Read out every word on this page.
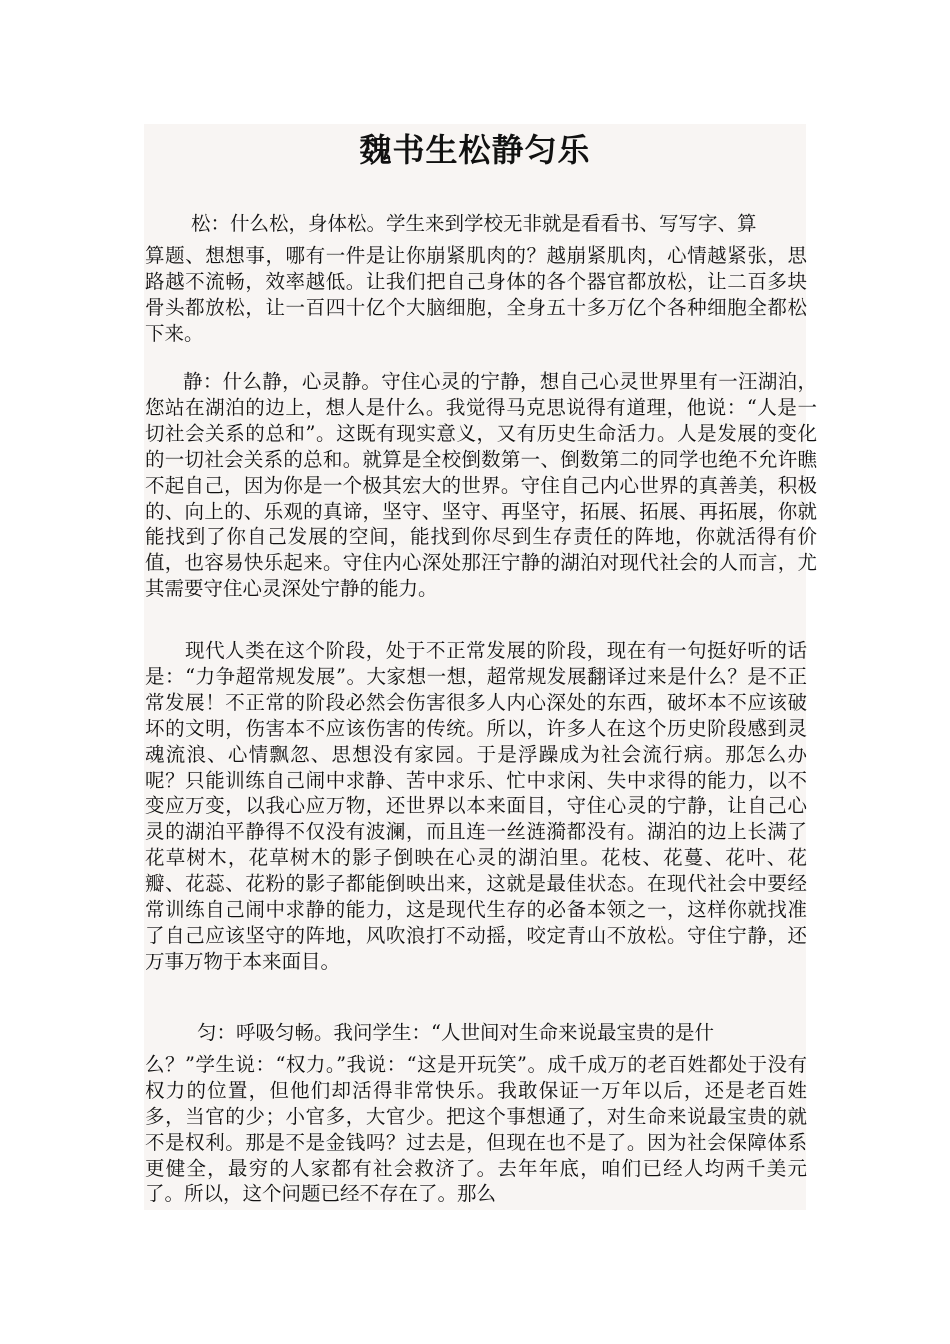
魏书生松静匀乐

松：什么松，身体松。学生来到学校无非就是看看书、写写字、算
算题、想想事，哪有一件是让你崩紧肌肉的？越崩紧肌肉，心情越紧张，思路越不流畅，效率越低。让我们把自己身体的各个器官都放松，让二百多块骨头都放松，让一百四十亿个大脑细胞，全身五十多万亿个各种细胞全都松下来。

静：什么静，心灵静。守住心灵的宁静，想自己心灵世界里有一汪湖泊，您站在湖泊的边上，想人是什么。我觉得马克思说得有道理，他说：“人是一切社会关系的总和”。这既有现实意义，又有历史生命活力。人是发展的变化的一切社会关系的总和。就算是全校倒数第一、倒数第二的同学也绝不允许瞧不起自己，因为你是一个极其宏大的世界。守住自己内心世界的真善美，积极的、向上的、乐观的真谛，坚守、坚守、再坚守，拓展、拓展、再拓展，你就能找到了你自己发展的空间，能找到你尽到生存责任的阵地，你就活得有价值，也容易快乐起来。守住内心深处那汪宁静的湖泊对现代社会的人而言，尤其需要守住心灵深处宁静的能力。

现代人类在这个阶段，处于不正常发展的阶段，现在有一句挺好听的话是：“力争超常规发展”。大家想一想，超常规发展翻译过来是什么？是不正常发展！不正常的阶段必然会伤害很多人内心深处的东西，破坏本不应该破坏的文明，伤害本不应该伤害的传统。所以，许多人在这个历史阶段感到灵魂流浪、心情飘忽、思想没有家园。于是浮躁成为社会流行病。那怎么办呢？只能训练自己闹中求静、苦中求乐、忙中求闲、失中求得的能力，以不变应万变，以我心应万物，还世界以本来面目，守住心灵的宁静，让自己心灵的湖泊平静得不仅没有波澜，而且连一丝涟漪都没有。湖泊的边上长满了花草树木，花草树木的影子倒映在心灵的湖泊里。花枝、花蔓、花叶、花瓣、花蕊、花粉的影子都能倒映出来，这就是最佳状态。在现代社会中要经常训练自己闹中求静的能力，这是现代生存的必备本领之一，这样你就找准了自己应该坚守的阵地，风吹浪打不动摇，咬定青山不放松。守住宁静，还万事万物于本来面目。

匀：呼吸匀畅。我问学生：“人世间对生命来说最宝贵的是什
么？”学生说：“权力。”我说：“这是开玩笑”。成千成万的老百姓都处于没有权力的位置，但他们却活得非常快乐。我敢保证一万年以后，还是老百姓多，当官的少；小官多，大官少。把这个事想通了，对生命来说最宝贵的就不是权利。那是不是金钱吗？过去是，但现在也不是了。因为社会保障体系更健全，最穷的人家都有社会救济了。去年年底，咱们已经人均两千美元了。所以，这个问题已经不存在了。那么
